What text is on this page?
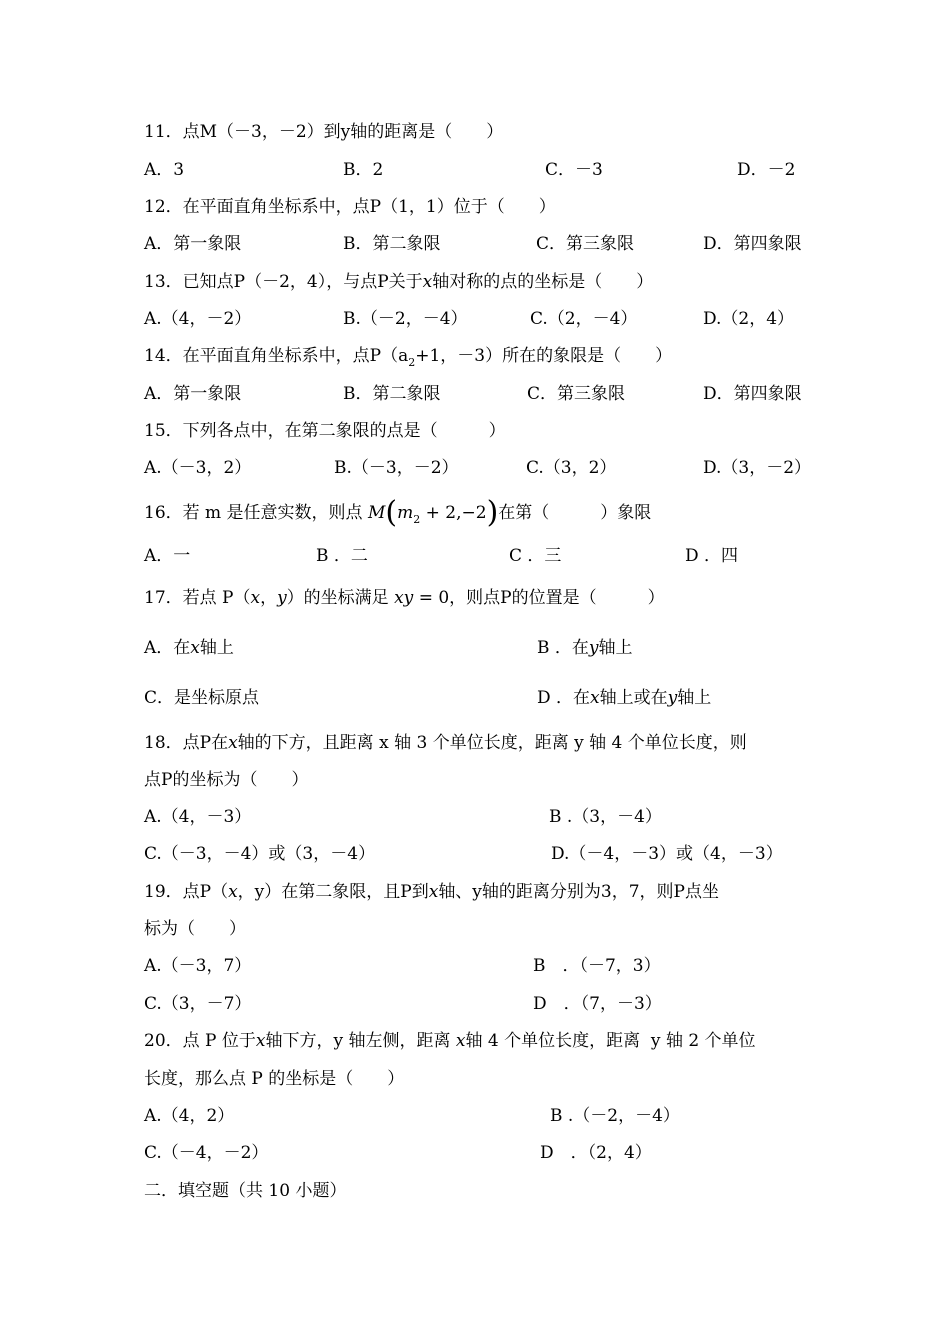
11．点M（－3，－2）到y轴的距离是（　　）
A．3	B．2	C．－3	D．－2
12．在平面直角坐标系中，点P（1，1）位于（　　）
A．第一象限	B．第二象限	C．第三象限	D．第四象限
13．已知点P（－2，4），与点P关于x轴对称的点的坐标是（　　）
A.（4，－2）	B.（－2，－4）	C.（2，－4）	D.（2，4）
14．在平面直角坐标系中，点$P(a_2+1$，－3）所在的象限是（　　）
A．第一象限	B．第二象限	C．第三象限	D．第四象限
15．下列各点中，在第二象限的点是（　　　）
A.（－3，2）	B.（－3，－2）	C.（3，2）	D.（3，－2）
16．若 m 是任意实数，则点 $M(m_2 + 2,-2)$在第（　　　）象限
A．一	B ．二	C ．三	D ．四
17．若点 P（x，y）的坐标满足 xy = 0，则点P的位置是（　　　）
A．在x轴上	B ．在y轴上
C．是坐标原点	D ．在x轴上或在y轴上
18．点P在x轴的下方，且距离 x 轴 3 个单位长度，距离 y 轴 4 个单位长度，则
点P的坐标为（　　）
A.（4，－3）	B .（3，－4）
C.（－3，－4）或（3，－4）	D.（－4，－3）或（4，－3）
19．点P（x，y）在第二象限，且P到x轴、y轴的距离分别为3，7，则P点坐
标为（　　）
A.（－3，7）	B　．（－7，3）
C.（3，－7）	D　．（7，－3）
20．点 P 位于x轴下方，y 轴左侧，距离 x轴 4 个单位长度，距离  y 轴 2 个单位
长度，那么点 P 的坐标是（　　）
A.（4，2）	B .（－2，－4）
C.（－4，－2）	D　．（2，4）
二．填空题（共 10 小题）
